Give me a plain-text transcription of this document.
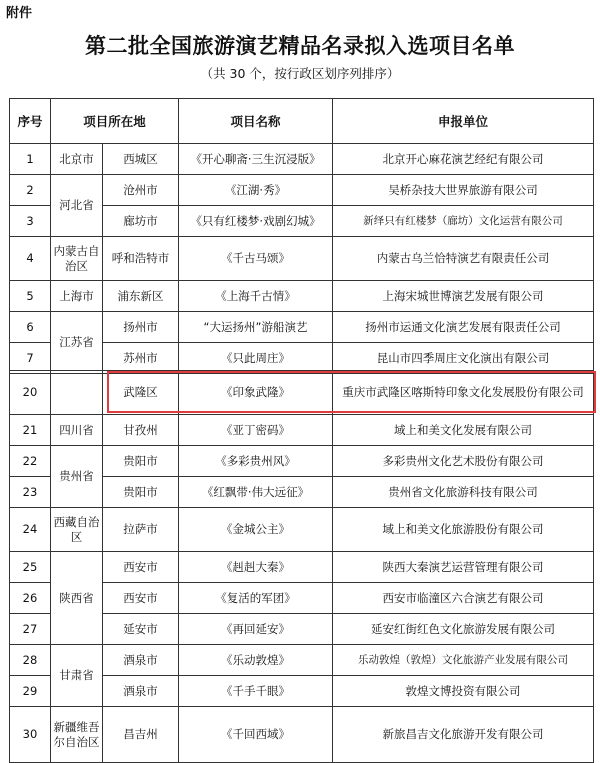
附件
第二批全国旅游演艺精品名录拟入选项目名单
（共 30 个，按行政区划序列排序）
序号	项目所在地		项目名称	申报单位
1	北京市	西城区	《开心聊斋·三生沉浸版》	北京开心麻花演艺经纪有限公司
2	河北省	沧州市	《江湖·秀》	吴桥杂技大世界旅游有限公司
3		廊坊市	《只有红楼梦·戏剧幻城》	新绎只有红楼梦（廊坊）文化运营有限公司
4	内蒙古自治区	呼和浩特市	《千古马颂》	内蒙古乌兰恰特演艺有限责任公司
5	上海市	浦东新区	《上海千古情》	上海宋城世博演艺发展有限公司
6	江苏省	扬州市	“大运扬州”游船演艺	扬州市运通文化演艺发展有限责任公司
7		苏州市	《只此周庄》	昆山市四季周庄文化演出有限公司
20		武隆区	《印象武隆》	重庆市武隆区喀斯特印象文化发展股份有限公司
21	四川省	甘孜州	《亚丁密码》	域上和美文化发展有限公司
22	贵州省	贵阳市	《多彩贵州风》	多彩贵州文化艺术股份有限公司
23		贵阳市	《红飘带·伟大远征》	贵州省文化旅游科技有限公司
24	西藏自治区	拉萨市	《金城公主》	域上和美文化旅游股份有限公司
25	陕西省	西安市	《赳赳大秦》	陕西大秦演艺运营管理有限公司
26		西安市	《复活的军团》	西安市临潼区六合演艺有限公司
27		延安市	《再回延安》	延安红街红色文化旅游发展有限公司
28	甘肃省	酒泉市	《乐动敦煌》	乐动敦煌（敦煌）文化旅游产业发展有限公司
29		酒泉市	《千手千眼》	敦煌文博投资有限公司
30	新疆维吾尔自治区	昌吉州	《千回西域》	新旅昌吉文化旅游开发有限公司
